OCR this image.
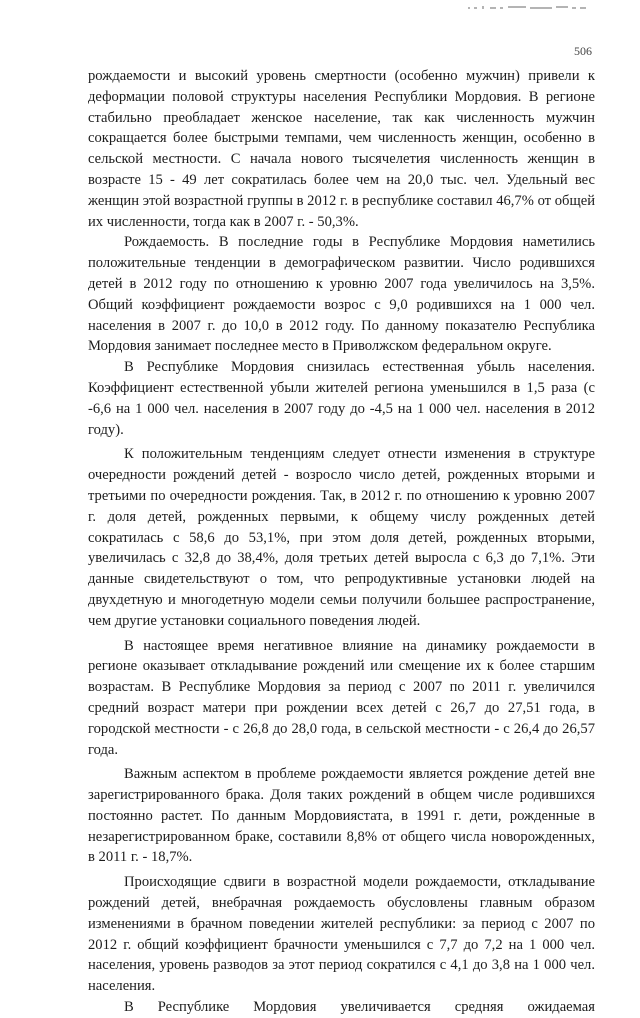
506

рождаемости и высокий уровень смертности (особенно мужчин) привели к деформации половой структуры населения Республики Мордовия. В регионе стабильно преобладает женское население, так как численность мужчин сокращается более быстрыми темпами, чем численность женщин, особенно в сельской местности. С начала нового тысячелетия численность женщин в возрасте 15 - 49 лет сократилась более чем на 20,0 тыс. чел. Удельный вес женщин этой возрастной группы в 2012 г. в республике составил 46,7% от общей их численности, тогда как в 2007 г. - 50,3%.

Рождаемость. В последние годы в Республике Мордовия наметились положительные тенденции в демографическом развитии. Число родившихся детей в 2012 году по отношению к уровню 2007 года увеличилось на 3,5%. Общий коэффициент рождаемости возрос с 9,0 родившихся на 1 000 чел. населения в 2007 г. до 10,0 в 2012 году. По данному показателю Республика Мордовия занимает последнее место в Приволжском федеральном округе.

В Республике Мордовия снизилась естественная убыль населения. Коэффициент естественной убыли жителей региона уменьшился в 1,5 раза (с -6,6 на 1 000 чел. населения в 2007 году до -4,5 на 1 000 чел. населения в 2012 году).

К положительным тенденциям следует отнести изменения в структуре очередности рождений детей - возросло число детей, рожденных вторыми и третьими по очередности рождения. Так, в 2012 г. по отношению к уровню 2007 г. доля детей, рожденных первыми, к общему числу рожденных детей сократилась с 58,6 до 53,1%, при этом доля детей, рожденных вторыми, увеличилась с 32,8 до 38,4%, доля третьих детей выросла с 6,3 до 7,1%. Эти данные свидетельствуют о том, что репродуктивные установки людей на двухдетную и многодетную модели семьи получили большее распространение, чем другие установки социального поведения людей.

В настоящее время негативное влияние на динамику рождаемости в регионе оказывает откладывание рождений или смещение их к более старшим возрастам. В Республике Мордовия за период с 2007 по 2011 г. увеличился средний возраст матери при рождении всех детей с 26,7 до 27,51 года, в городской местности - с 26,8 до 28,0 года, в сельской местности - с 26,4 до 26,57 года.

Важным аспектом в проблеме рождаемости является рождение детей вне зарегистрированного брака. Доля таких рождений в общем числе родившихся постоянно растет. По данным Мордовиястата, в 1991 г. дети, рожденные в незарегистрированном браке, составили 8,8% от общего числа новорожденных, в 2011 г. - 18,7%.

Происходящие сдвиги в возрастной модели рождаемости, откладывание рождений детей, внебрачная рождаемость обусловлены главным образом изменениями в брачном поведении жителей республики: за период с 2007 по 2012 г. общий коэффициент брачности уменьшился с 7,7 до 7,2 на 1 000 чел. населения, уровень разводов за этот период сократился с 4,1 до 3,8 на 1 000 чел. населения.

В Республике Мордовия увеличивается средняя ожидаемая
